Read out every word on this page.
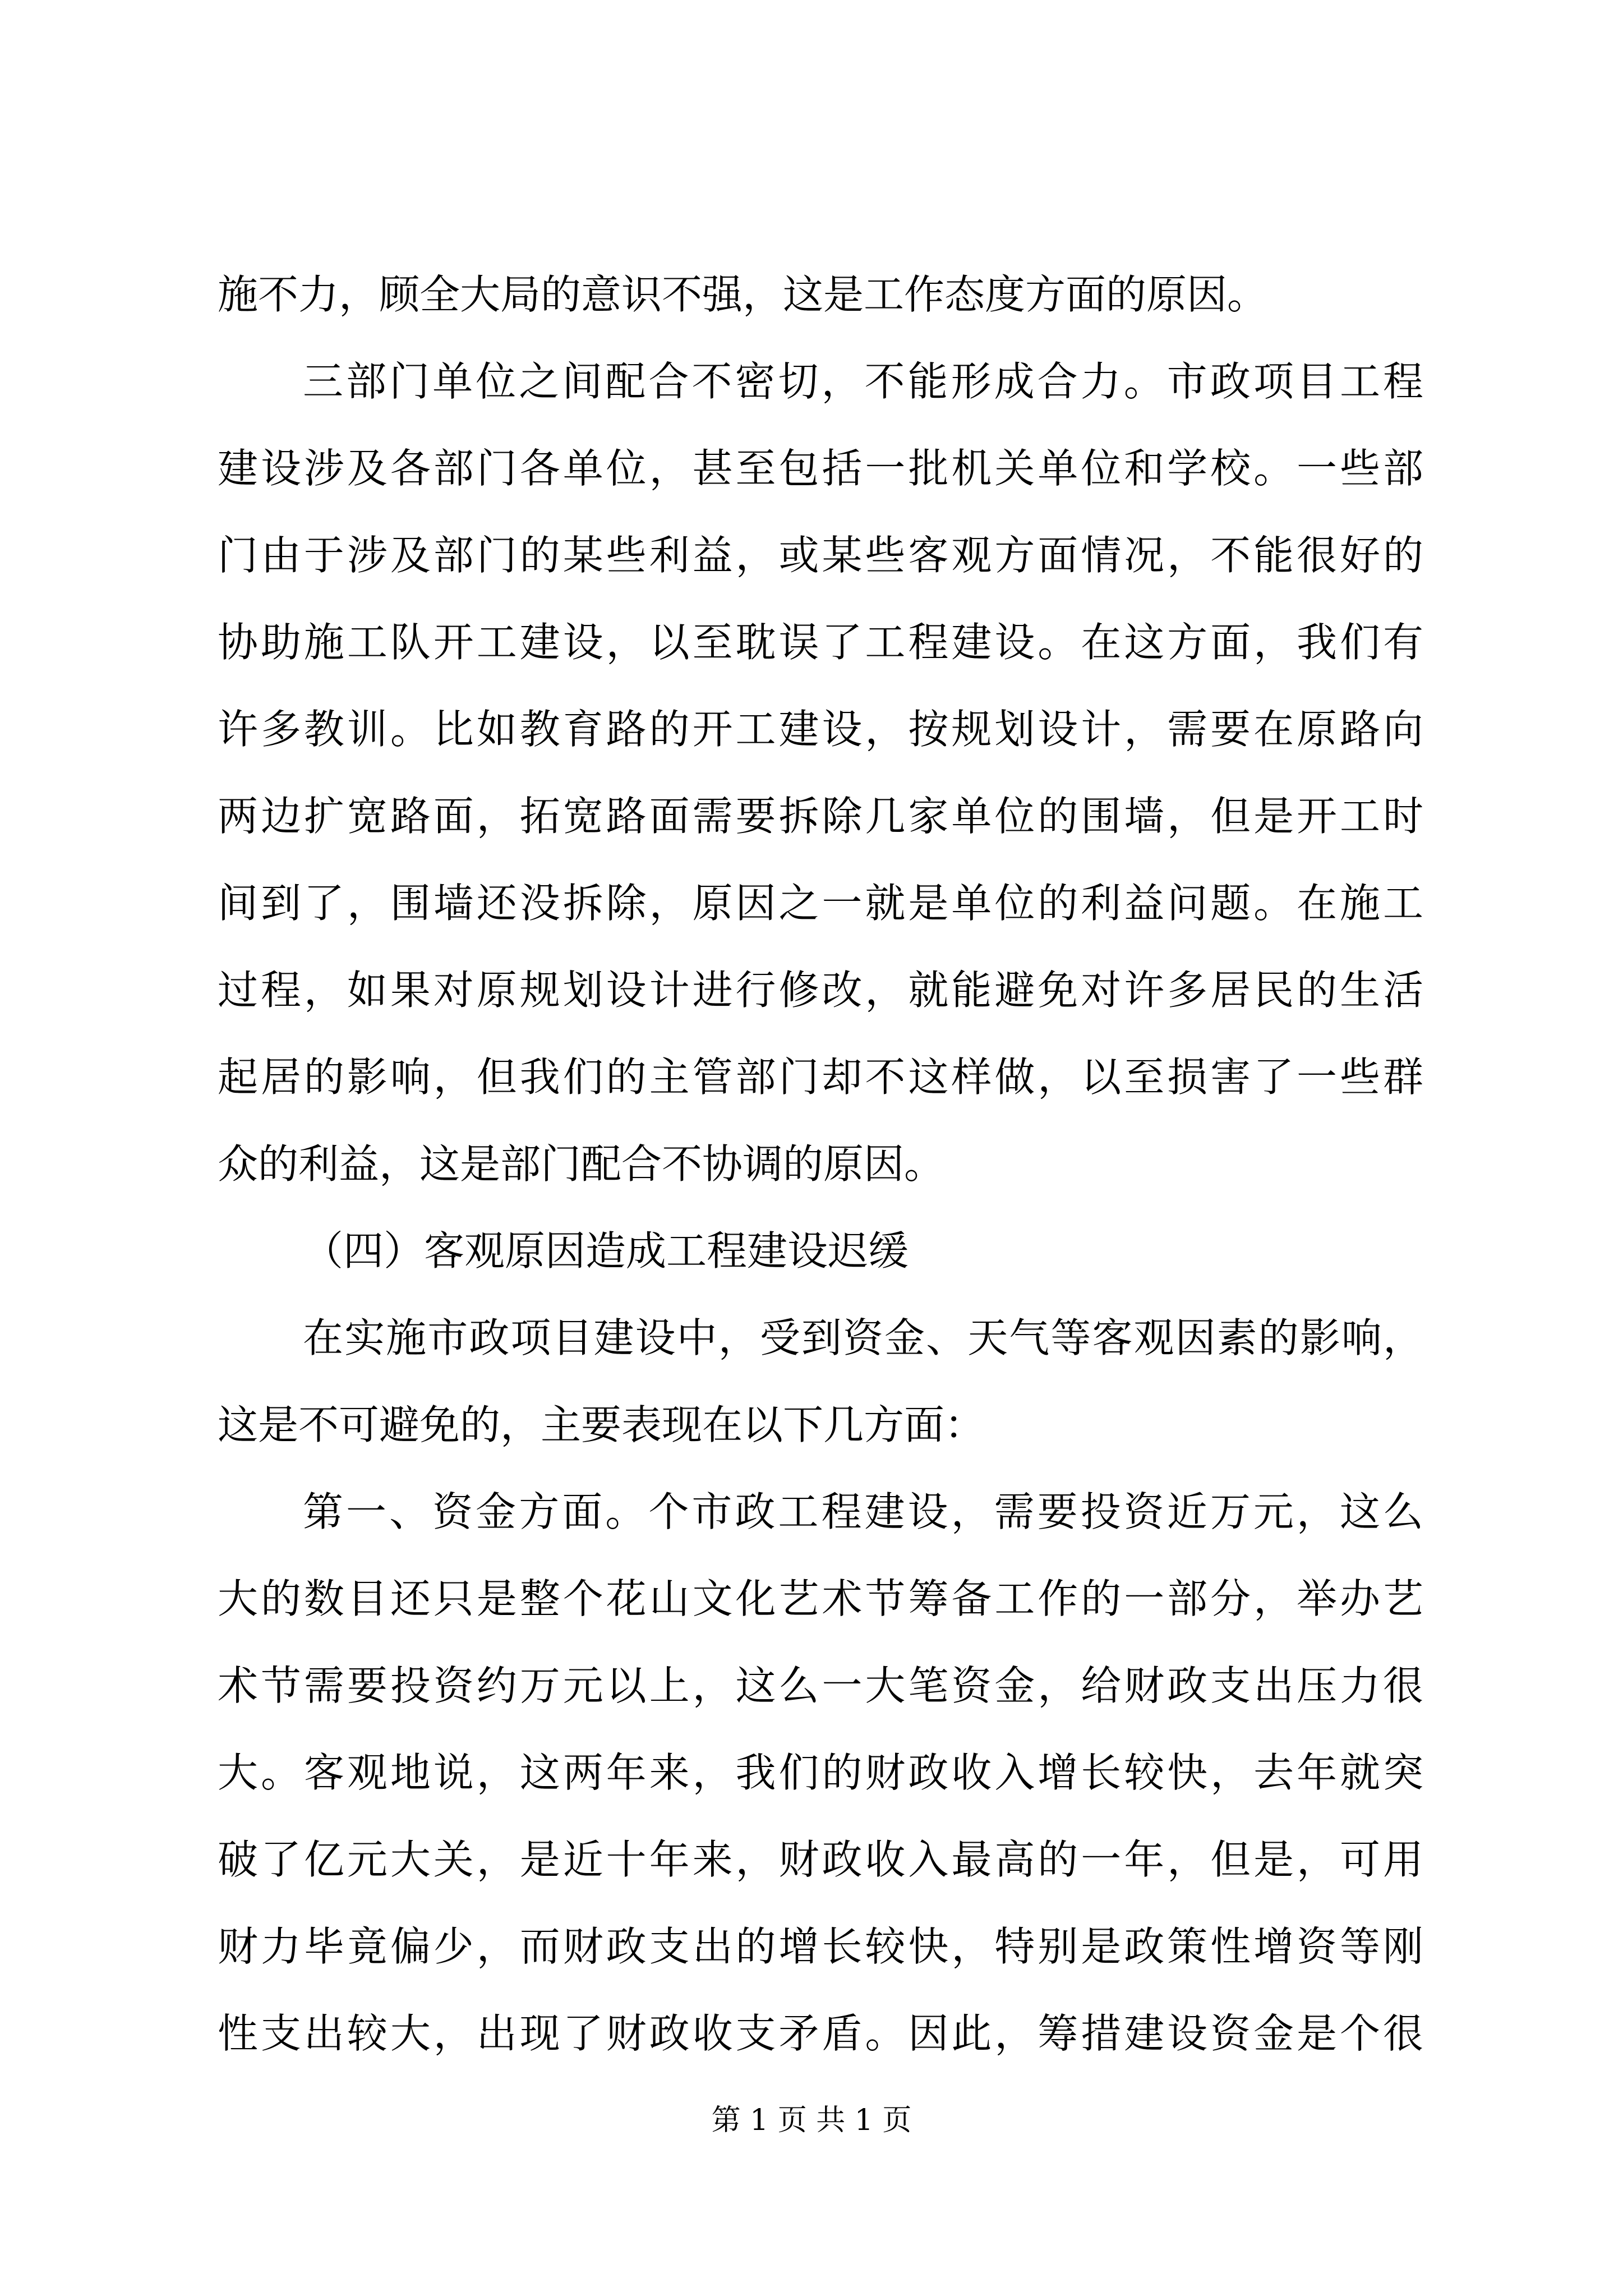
施不力，顾全大局的意识不强，这是工作态度方面的原因。
三部门单位之间配合不密切，不能形成合力。市政项目工程
建设涉及各部门各单位，甚至包括一批机关单位和学校。一些部
门由于涉及部门的某些利益，或某些客观方面情况，不能很好的
协助施工队开工建设，以至耽误了工程建设。在这方面，我们有
许多教训。比如教育路的开工建设，按规划设计，需要在原路向
两边扩宽路面，拓宽路面需要拆除几家单位的围墙，但是开工时
间到了，围墙还没拆除，原因之一就是单位的利益问题。在施工
过程，如果对原规划设计进行修改，就能避免对许多居民的生活
起居的影响，但我们的主管部门却不这样做，以至损害了一些群
众的利益，这是部门配合不协调的原因。
（四）客观原因造成工程建设迟缓
在实施市政项目建设中，受到资金、天气等客观因素的影响，
这是不可避免的，主要表现在以下几方面：
第一、资金方面。个市政工程建设，需要投资近万元，这么
大的数目还只是整个花山文化艺术节筹备工作的一部分，举办艺
术节需要投资约万元以上，这么一大笔资金，给财政支出压力很
大。客观地说，这两年来，我们的财政收入增长较快，去年就突
破了亿元大关，是近十年来，财政收入最高的一年，但是，可用
财力毕竟偏少，而财政支出的增长较快，特别是政策性增资等刚
性支出较大，出现了财政收支矛盾。因此，筹措建设资金是个很
第 1 页 共 1 页
